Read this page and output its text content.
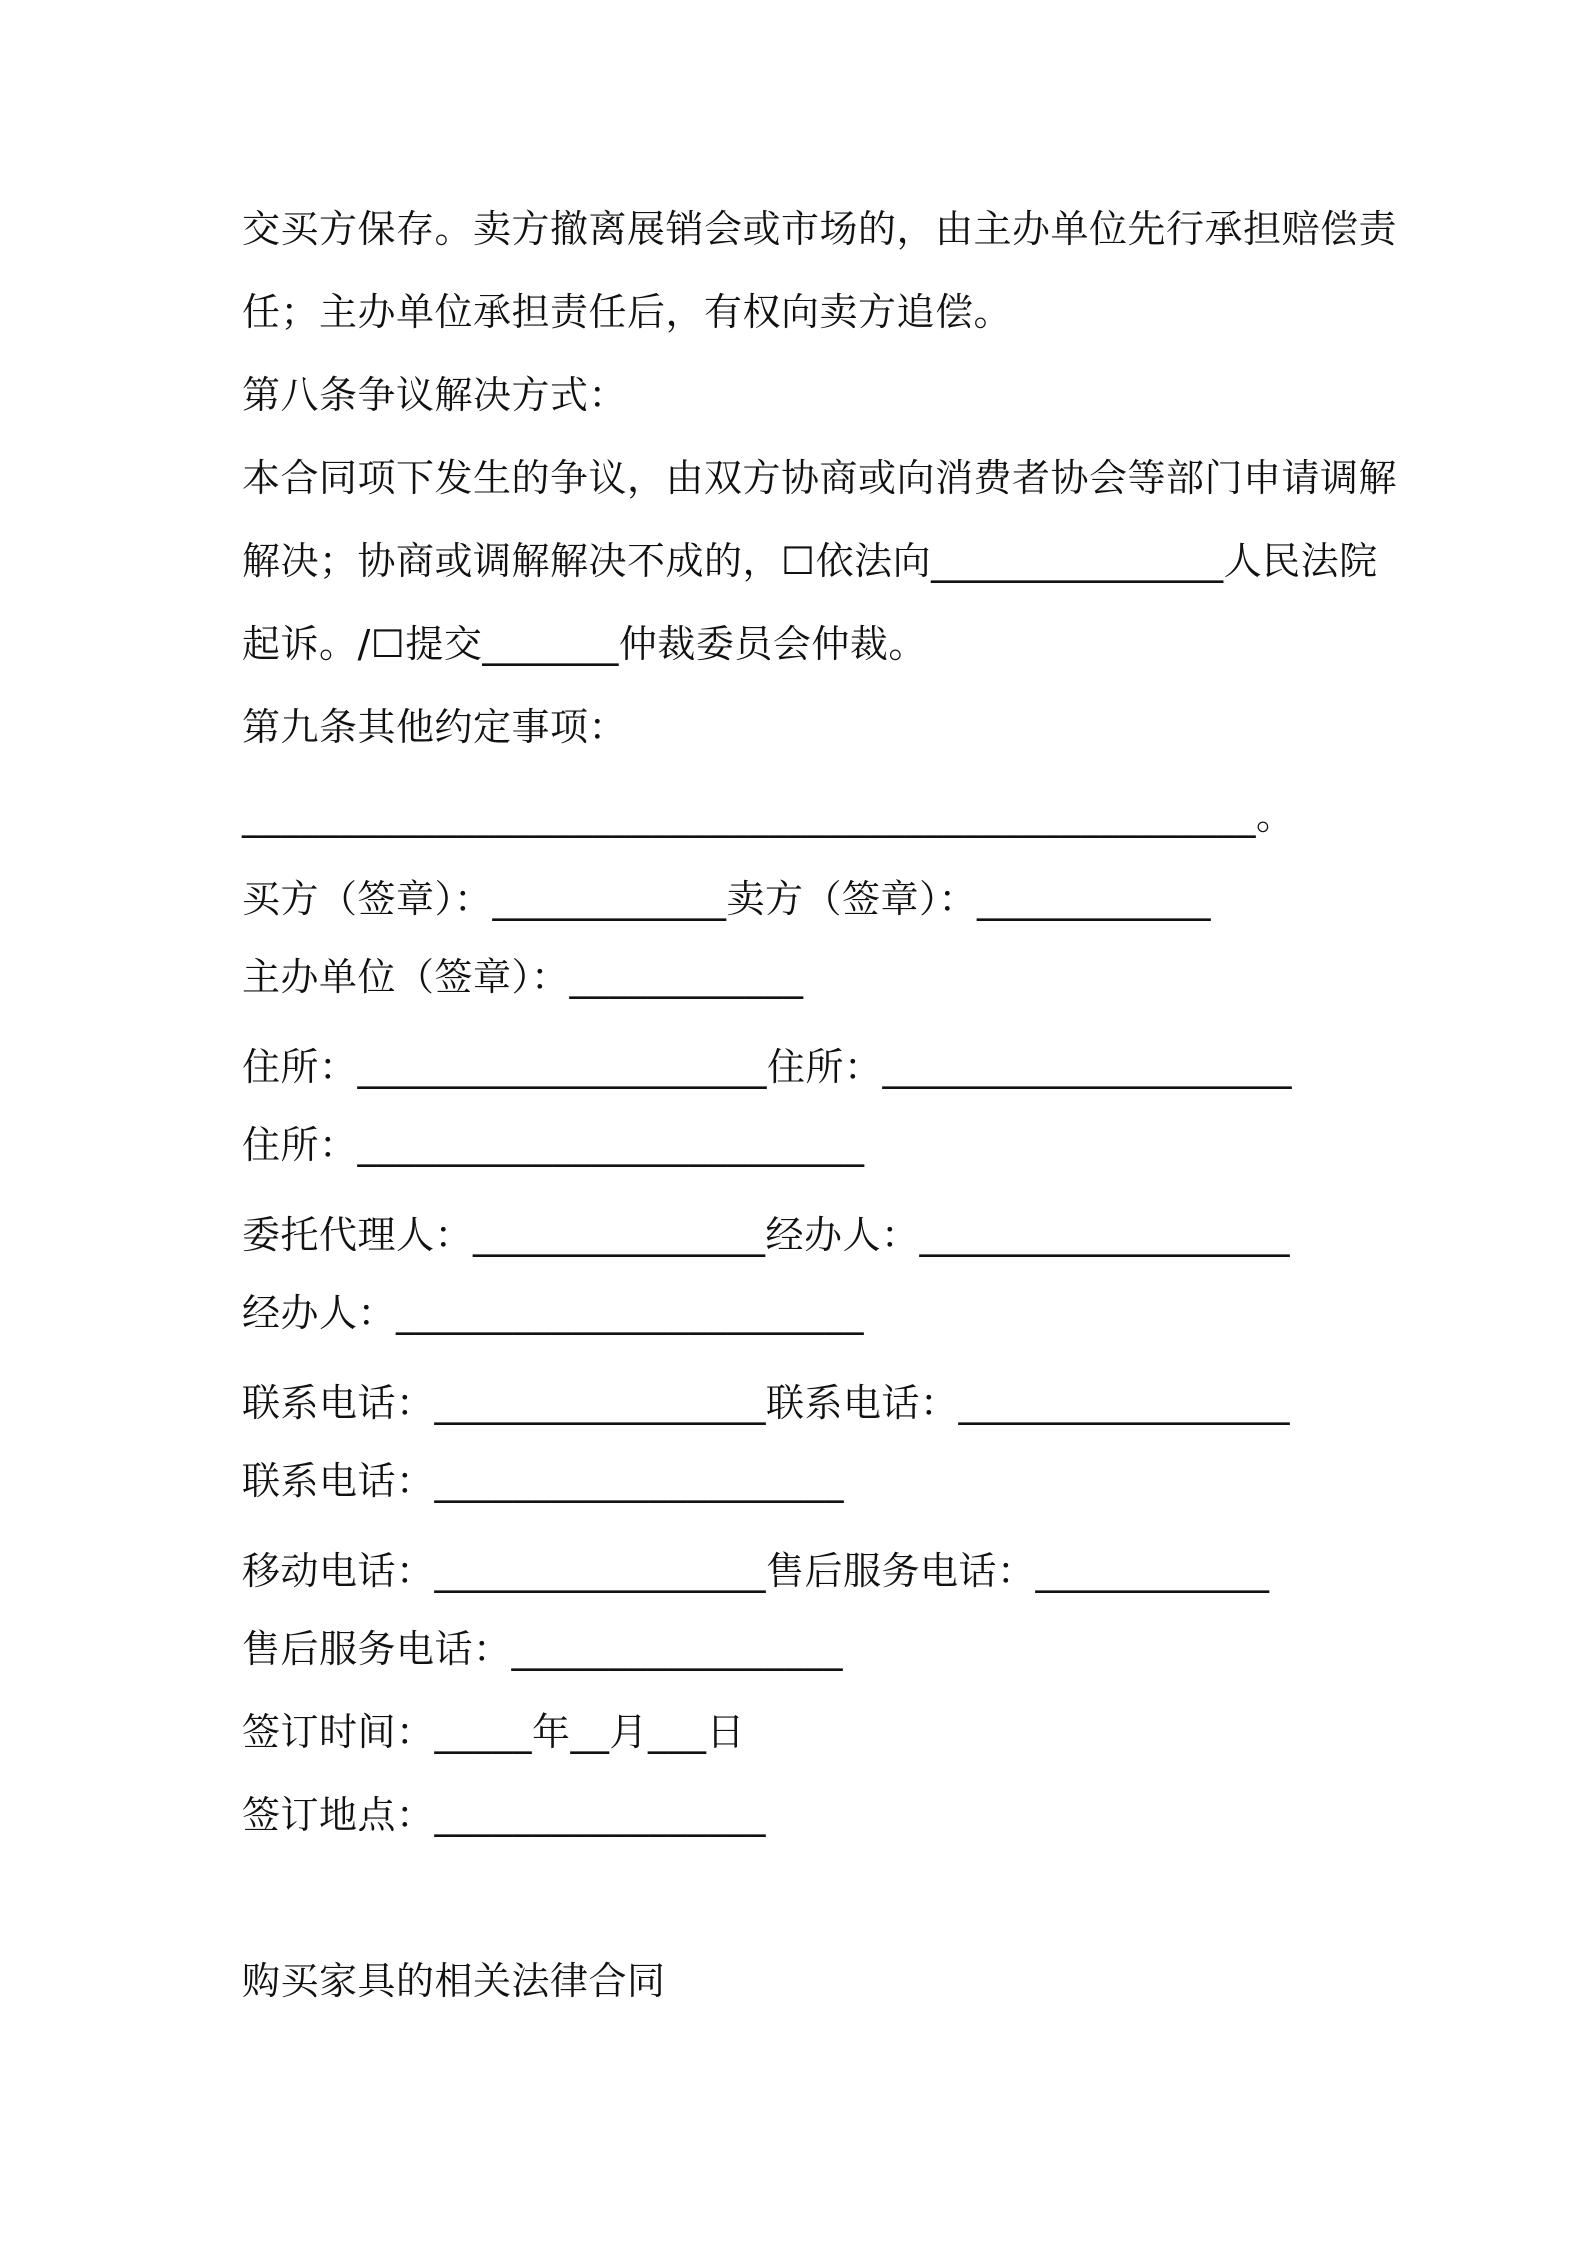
交买方保存。卖方撤离展销会或市场的，由主办单位先行承担赔偿责
任；主办单位承担责任后，有权向卖方追偿。
第八条争议解决方式：
本合同项下发生的争议，由双方协商或向消费者协会等部门申请调解
解决；协商或调解解决不成的，☐依法向_______________人民法院
起诉。/☐提交_______仲裁委员会仲裁。
第九条其他约定事项：
____________________________________________________。
买方（签章）：____________卖方（签章）：____________
主办单位（签章）：____________
住所：_____________________住所：_____________________
住所：__________________________
委托代理人：_______________经办人：___________________
经办人：________________________
联系电话：_________________联系电话：_________________
联系电话：_____________________
移动电话：_________________售后服务电话：____________
售后服务电话：_________________
签订时间：_____年__月___日
签订地点：_________________
购买家具的相关法律合同
